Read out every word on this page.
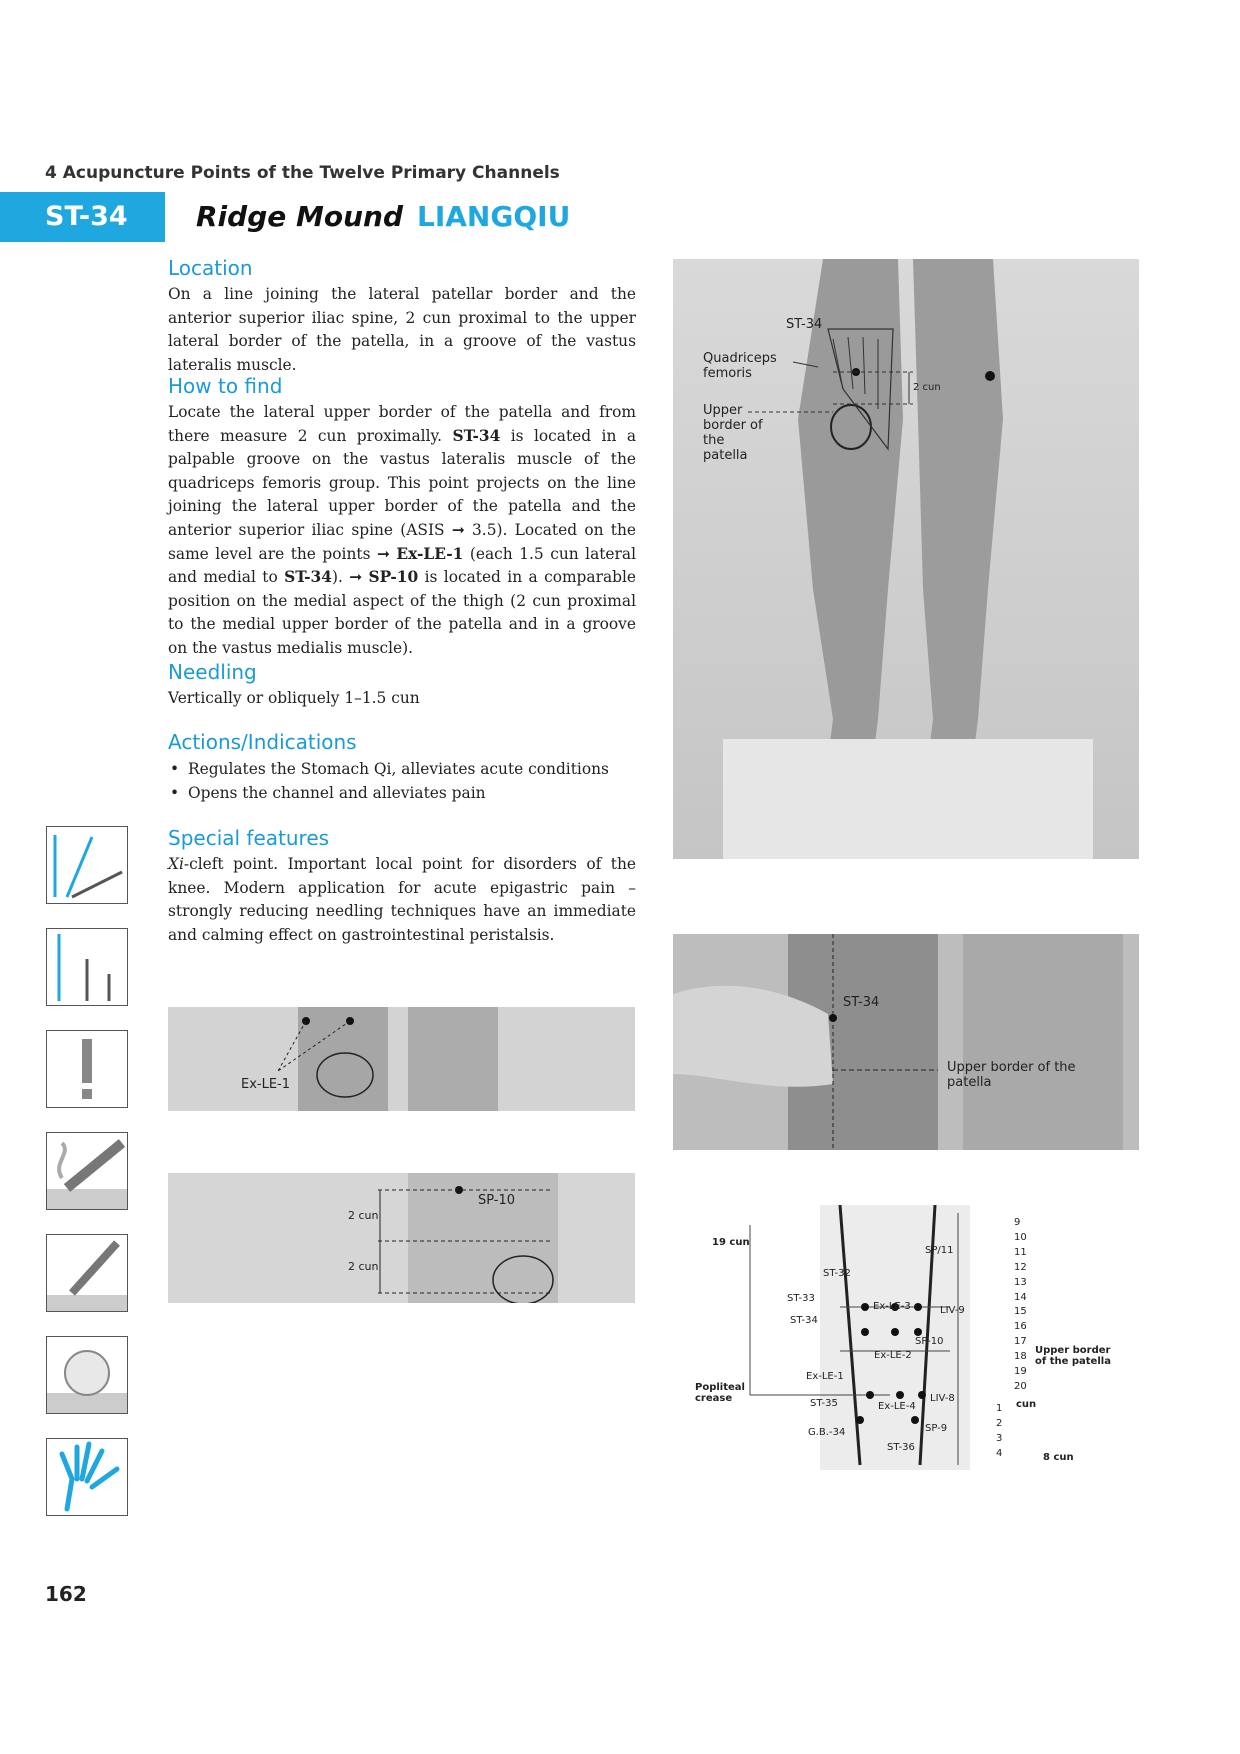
4 Acupuncture Points of the Twelve Primary Channels
ST-34	Ridge Mound LIANGQIU
Location
On a line joining the lateral patellar border and the anterior superior iliac spine, 2 cun proximal to the upper lateral border of the patella, in a groove of the vastus lateralis muscle.
How to find
Locate the lateral upper border of the patella and from there measure 2 cun proximally. ST-34 is located in a palpable groove on the vastus lateralis muscle of the quadriceps femoris group. This point projects on the line joining the lateral upper border of the patella and the anterior superior iliac spine (ASIS ➞ 3.5). Located on the same level are the points ➞ Ex-LE-1 (each 1.5 cun lateral and medial to ST-34). ➞ SP-10 is located in a comparable position on the medial aspect of the thigh (2 cun proximal to the medial upper border of the patella and in a groove on the vastus medialis muscle).
Needling
Vertically or obliquely 1–1.5 cun
Actions/Indications
• Regulates the Stomach Qi, alleviates acute conditions
• Opens the channel and alleviates pain
Special features
Xi-cleft point. Important local point for disorders of the knee. Modern application for acute epigastric pain – strongly reducing needling techniques have an immediate and calming effect on gastrointestinal peristalsis.
ST-34
Quadriceps femoris
Upper border of the patella
2 cun
ST-34
Upper border of the patella
Ex-LE-1
SP-10
2 cun
2 cun
19 cun
Popliteal crease
Upper border of the patella
8 cun
cun
ST-32
ST-33
ST-34
Ex-LE-1
ST-35
G.B.-34
SP/11
Ex-LE-3	LIV-9
SP-10
Ex-LE-2
LIV-8
Ex-LE-4
SP-9
ST-36
9
10
11
12
13
14
15
16
17
18
19
20
1
2
3
4
162
